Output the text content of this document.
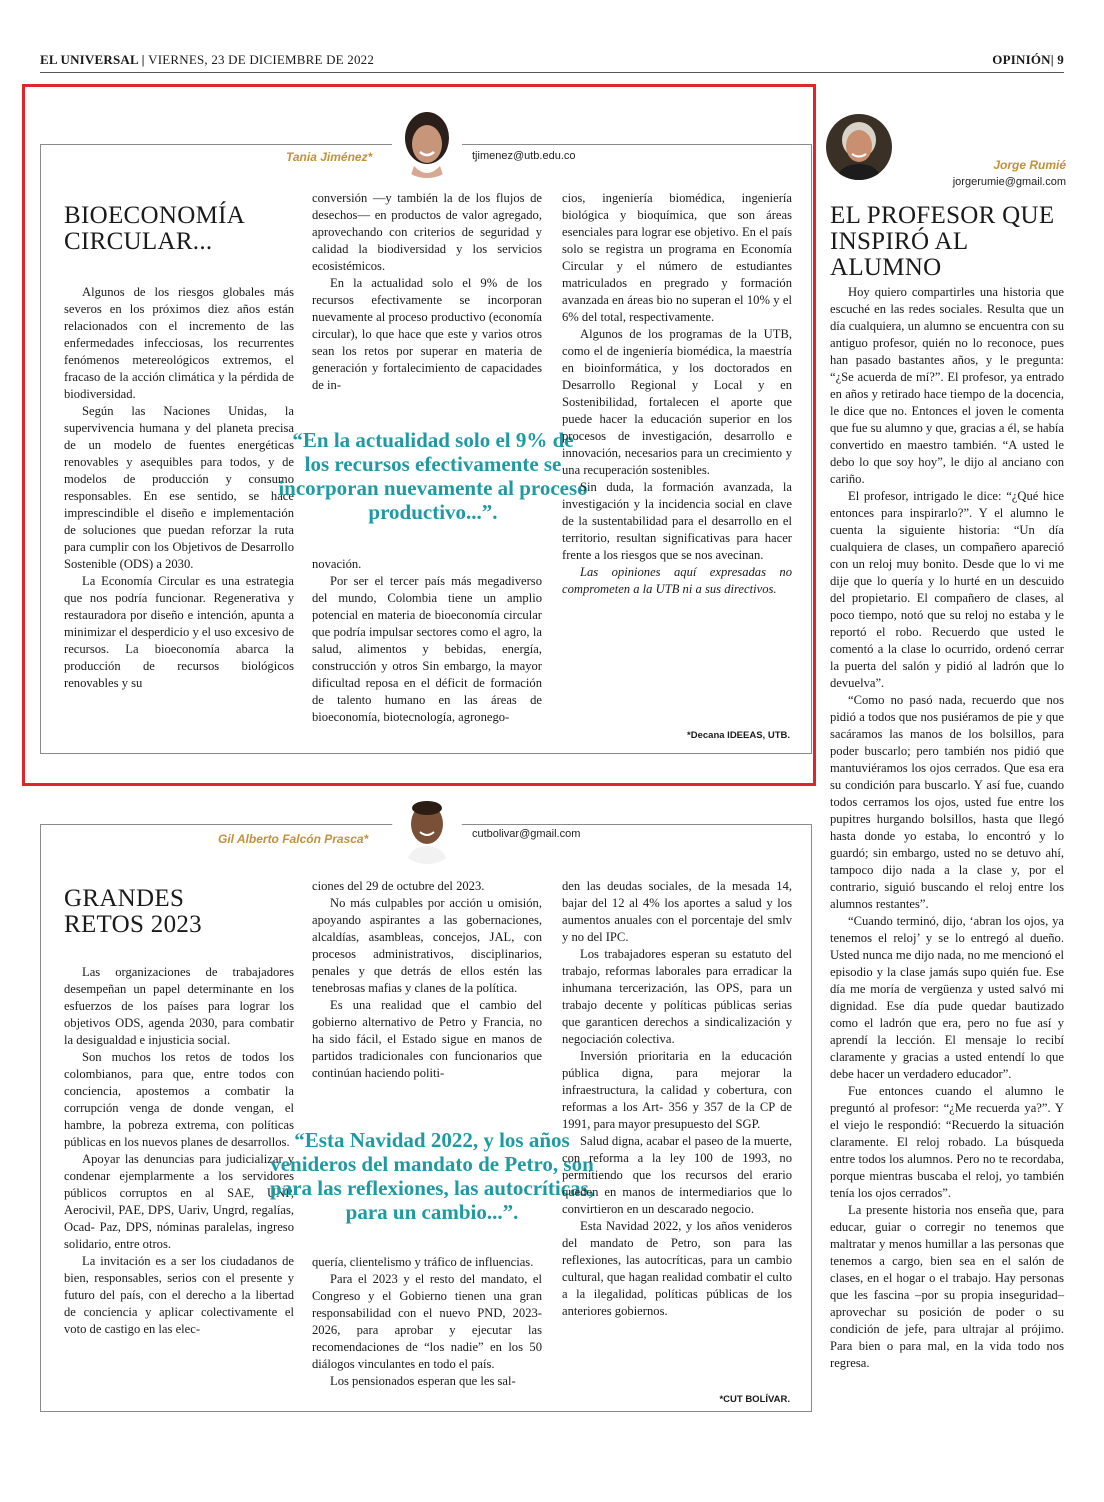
EL UNIVERSAL | VIERNES, 23 DE DICIEMBRE DE 2022	OPINIÓN| 9
Tania Jiménez*	tjimenez@utb.edu.co
BIOECONOMÍA CIRCULAR...

Algunos de los riesgos globales más severos en los próximos diez años están relacionados con el incremento de las enfermedades infecciosas, los recurrentes fenómenos metereológicos extremos, el fracaso de la acción climática y la pérdida de biodiversidad.

Según las Naciones Unidas, la supervivencia humana y del planeta precisa de un modelo de fuentes energéticas renovables y asequibles para todos, y de modelos de producción y consumo responsables. En ese sentido, se hace imprescindible el diseño e implementación de soluciones que puedan reforzar la ruta para cumplir con los Objetivos de Desarrollo Sostenible (ODS) a 2030.

La Economía Circular es una estrategia que nos podría funcionar. Regenerativa y restauradora por diseño e intención, apunta a minimizar el desperdicio y el uso excesivo de recursos. La bioeconomía abarca la producción de recursos biológicos renovables y su

conversión —y también la de los flujos de desechos— en productos de valor agregado, aprovechando con criterios de seguridad y calidad la biodiversidad y los servicios ecosistémicos.

En la actualidad solo el 9% de los recursos efectivamente se incorporan nuevamente al proceso productivo (economía circular), lo que hace que este y varios otros sean los retos por superar en materia de generación y fortalecimiento de capacidades de in-

“En la actualidad solo el 9% de los recursos efectivamente se incorporan nuevamente al proceso productivo...”.

novación.

Por ser el tercer país más megadiverso del mundo, Colombia tiene un amplio potencial en materia de bioeconomía circular que podría impulsar sectores como el agro, la salud, alimentos y bebidas, energía, construcción y otros Sin embargo, la mayor dificultad reposa en el déficit de formación de talento humano en las áreas de bioeconomía, biotecnología, agronego-

cios, ingeniería biomédica, ingeniería biológica y bioquímica, que son áreas esenciales para lograr ese objetivo. En el país solo se registra un programa en Economía Circular y el número de estudiantes matriculados en pregrado y formación avanzada en áreas bio no superan el 10% y el 6% del total, respectivamente.

Algunos de los programas de la UTB, como el de ingeniería biomédica, la maestría en bioinformática, y los doctorados en Desarrollo Regional y Local y en Sostenibilidad, fortalecen el aporte que puede hacer la educación superior en los procesos de investigación, desarrollo e innovación, necesarios para un crecimiento y una recuperación sostenibles.

Sin duda, la formación avanzada, la investigación y la incidencia social en clave de la sustentabilidad para el desarrollo en el territorio, resultan significativas para hacer frente a los riesgos que se nos avecinan.

Las opiniones aquí expresadas no comprometen a la UTB ni a sus directivos.

*Decana IDEEAS, UTB.
Gil Alberto Falcón Prasca*	cutbolivar@gmail.com
GRANDES RETOS 2023

Las organizaciones de trabajadores desempeñan un papel determinante en los esfuerzos de los países para lograr los objetivos ODS, agenda 2030, para combatir la desigualdad e injusticia social.

Son muchos los retos de todos los colombianos, para que, entre todos con conciencia, apostemos a combatir la corrupción venga de donde vengan, el hambre, la pobreza extrema, con políticas públicas en los nuevos planes de desarrollos.

Apoyar las denuncias para judicializar y condenar ejemplarmente a los servidores públicos corruptos en al SAE, UNP, Aerocivil, PAE, DPS, Uariv, Ungrd, regalías, Ocad- Paz, DPS, nóminas paralelas, ingreso solidario, entre otros.

La invitación es a ser los ciudadanos de bien, responsables, serios con el presente y futuro del país, con el derecho a la libertad de conciencia y aplicar colectivamente el voto de castigo en las elec-

ciones del 29 de octubre del 2023.

No más culpables por acción u omisión, apoyando aspirantes a las gobernaciones, alcaldías, asambleas, concejos, JAL, con procesos administrativos, disciplinarios, penales y que detrás de ellos estén las tenebrosas mafias y clanes de la política.

Es una realidad que el cambio del gobierno alternativo de Petro y Francia, no ha sido fácil, el Estado sigue en manos de partidos tradicionales con funcionarios que continúan haciendo politi-

“Esta Navidad 2022, y los años venideros del mandato de Petro, son para las reflexiones, las autocríticas, para un cambio...”.

quería, clientelismo y tráfico de influencias.

Para el 2023 y el resto del mandato, el Congreso y el Gobierno tienen una gran responsabilidad con el nuevo PND, 2023-2026, para aprobar y ejecutar las recomendaciones de “los nadie” en los 50 diálogos vinculantes en todo el país.

Los pensionados esperan que les sal-

den las deudas sociales, de la mesada 14, bajar del 12 al 4% los aportes a salud y los aumentos anuales con el porcentaje del smlv y no del IPC.

Los trabajadores esperan su estatuto del trabajo, reformas laborales para erradicar la inhumana tercerización, las OPS, para un trabajo decente y políticas públicas serias que garanticen derechos a sindicalización y negociación colectiva.

Inversión prioritaria en la educación pública digna, para mejorar la infraestructura, la calidad y cobertura, con reformas a los Art- 356 y 357 de la CP de 1991, para mayor presupuesto del SGP.

Salud digna, acabar el paseo de la muerte, con reforma a la ley 100 de 1993, no permitiendo que los recursos del erario queden en manos de intermediarios que lo convirtieron en un descarado negocio.

Esta Navidad 2022, y los años venideros del mandato de Petro, son para las reflexiones, las autocríticas, para un cambio cultural, que hagan realidad combatir el culto a la ilegalidad, políticas públicas de los anteriores gobiernos.

*CUT BOLÍVAR.
Jorge Rumié
jorgerumie@gmail.com
EL PROFESOR QUE INSPIRÓ AL ALUMNO

Hoy quiero compartirles una historia que escuché en las redes sociales. Resulta que un día cualquiera, un alumno se encuentra con su antiguo profesor, quién no lo reconoce, pues han pasado bastantes años, y le pregunta: “¿Se acuerda de mí?”. El profesor, ya entrado en años y retirado hace tiempo de la docencia, le dice que no. Entonces el joven le comenta que fue su alumno y que, gracias a él, se había convertido en maestro también. “A usted le debo lo que soy hoy”, le dijo al anciano con cariño.

El profesor, intrigado le dice: “¿Qué hice entonces para inspirarlo?”. Y el alumno le cuenta la siguiente historia: “Un día cualquiera de clases, un compañero apareció con un reloj muy bonito. Desde que lo vi me dije que lo quería y lo hurté en un descuido del propietario. El compañero de clases, al poco tiempo, notó que su reloj no estaba y le reportó el robo. Recuerdo que usted le comentó a la clase lo ocurrido, ordenó cerrar la puerta del salón y pidió al ladrón que lo devuelva”.

“Como no pasó nada, recuerdo que nos pidió a todos que nos pusiéramos de pie y que sacáramos las manos de los bolsillos, para poder buscarlo; pero también nos pidió que mantuviéramos los ojos cerrados. Que esa era su condición para buscarlo. Y así fue, cuando todos cerramos los ojos, usted fue entre los pupitres hurgando bolsillos, hasta que llegó hasta donde yo estaba, lo encontró y lo guardó; sin embargo, usted no se detuvo ahí, tampoco dijo nada a la clase y, por el contrario, siguió buscando el reloj entre los alumnos restantes”.

“Cuando terminó, dijo, ‘abran los ojos, ya tenemos el reloj’ y se lo entregó al dueño. Usted nunca me dijo nada, no me mencionó el episodio y la clase jamás supo quién fue. Ese día me moría de vergüenza y usted salvó mi dignidad. Ese día pude quedar bautizado como el ladrón que era, pero no fue así y aprendí la lección. El mensaje lo recibí claramente y gracias a usted entendí lo que debe hacer un verdadero educador”.

Fue entonces cuando el alumno le preguntó al profesor: “¿Me recuerda ya?”. Y el viejo le respondió: “Recuerdo la situación claramente. El reloj robado. La búsqueda entre todos los alumnos. Pero no te recordaba, porque mientras buscaba el reloj, yo también tenía los ojos cerrados”.

La presente historia nos enseña que, para educar, guiar o corregir no tenemos que maltratar y menos humillar a las personas que tenemos a cargo, bien sea en el salón de clases, en el hogar o el trabajo. Hay personas que les fascina –por su propia inseguridad– aprovechar su posición de poder o su condición de jefe, para ultrajar al prójimo. Para bien o para mal, en la vida todo nos regresa.
